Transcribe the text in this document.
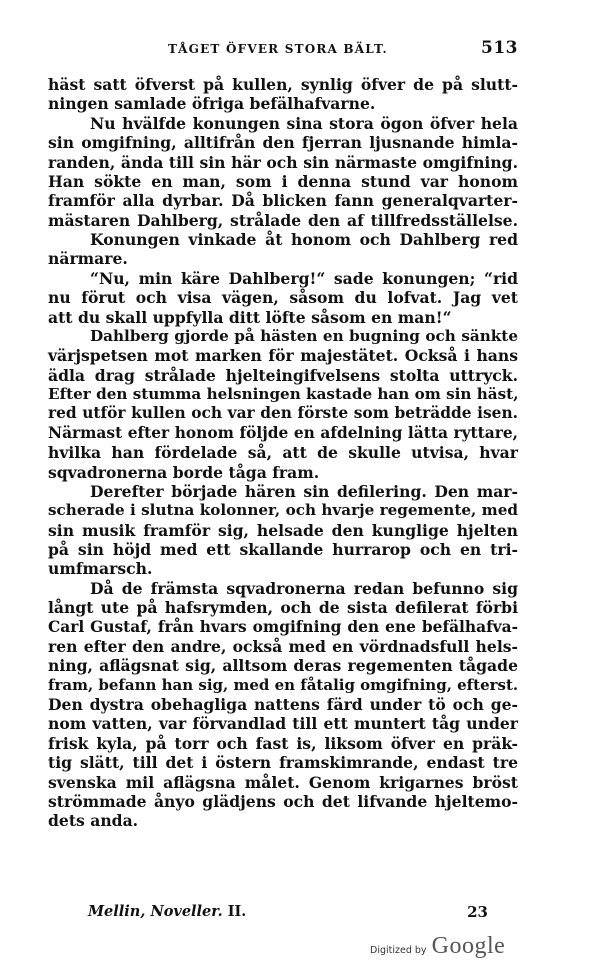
TÅGET ÖFVER STORA BÄLT.	513
häst satt öfverst på kullen, synlig öfver de på slutt-
ningen samlade öfriga befälhafvarne.
Nu hvälfde konungen sina stora ögon öfver hela
sin omgifning, alltifrån den fjerran ljusnande himla-
randen, ända till sin här och sin närmaste omgifning.
Han sökte en man, som i denna stund var honom
framför alla dyrbar. Då blicken fann generalqvarter-
mästaren Dahlberg, strålade den af tillfredsställelse.
Konungen vinkade åt honom och Dahlberg red
närmare.
“Nu, min käre Dahlberg!“ sade konungen; “rid
nu förut och visa vägen, såsom du lofvat. Jag vet
att du skall uppfylla ditt löfte såsom en man!“
Dahlberg gjorde på hästen en bugning och sänkte
värjspetsen mot marken för majestätet. Också i hans
ädla drag strålade hjelteingifvelsens stolta uttryck.
Efter den stumma helsningen kastade han om sin häst,
red utför kullen och var den förste som beträdde isen.
Närmast efter honom följde en afdelning lätta ryttare,
hvilka han fördelade så, att de skulle utvisa, hvar
sqvadronerna borde tåga fram.
Derefter började hären sin defilering. Den mar-
scherade i slutna kolonner, och hvarje regemente, med
sin musik framför sig, helsade den kunglige hjelten
på sin höjd med ett skallande hurrarop och en tri-
umfmarsch.
Då de främsta sqvadronerna redan befunno sig
långt ute på hafsrymden, och de sista defilerat förbi
Carl Gustaf, från hvars omgifning den ene befälhafva-
ren efter den andre, också med en vördnadsfull hels-
ning, aflägsnat sig, alltsom deras regementen tågade
fram, befann han sig, med en fåtalig omgifning, efterst.
Den dystra obehagliga nattens färd under tö och ge-
nom vatten, var förvandlad till ett muntert tåg under
frisk kyla, på torr och fast is, liksom öfver en präk-
tig slätt, till det i östern framskimrande, endast tre
svenska mil aflägsna målet. Genom krigarnes bröst
strömmade ånyo glädjens och det lifvande hjeltemo-
dets anda.
Mellin, Noveller. II.	23
Digitized by Google
